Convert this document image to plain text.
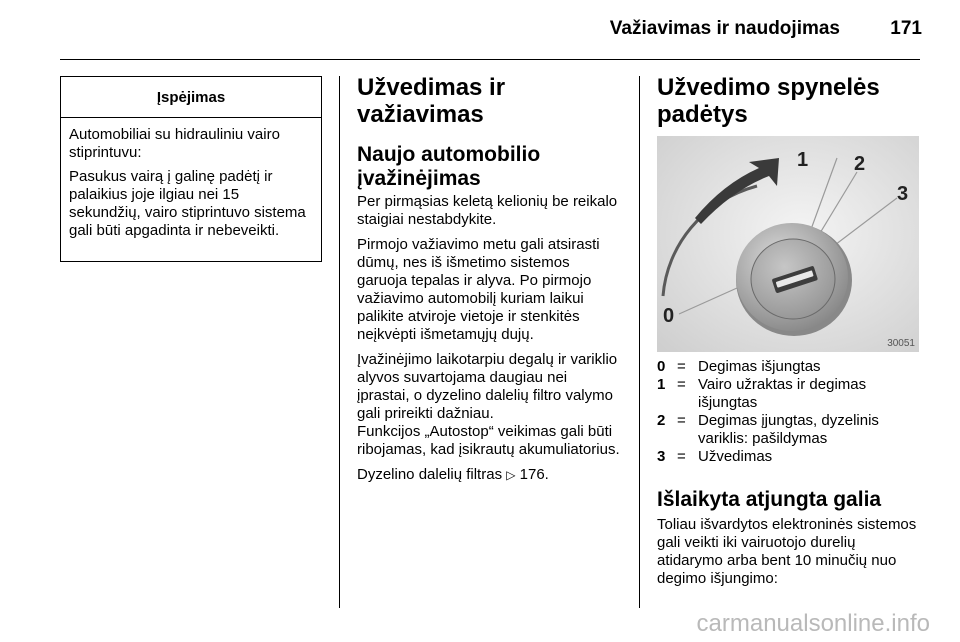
Važiavimas ir naudojimas	171
Įspėjimas

Automobiliai su hidrauliniu vairo stiprintuvu:

Pasukus vairą į galinę padėtį ir palaikius joje ilgiau nei 15 sekundžių, vairo stiprintuvo sistema gali būti apgadinta ir nebeveikti.

Užvedimas ir važiavimas
Naujo automobilio įvažinėjimas

Per pirmąsias keletą kelionių be reikalo staigiai nestabdykite.

Pirmojo važiavimo metu gali atsirasti dūmų, nes iš išmetimo sistemos garuoja tepalas ir alyva. Po pirmojo važiavimo automobilį kuriam laikui palikite atviroje vietoje ir stenkitės neįkvėpti išmetamųjų dujų.

Įvažinėjimo laikotarpiu degalų ir variklio alyvos suvartojama daugiau nei įprastai, o dyzelino dalelių filtro valymo gali prireikti dažniau.

Funkcijos „Autostop“ veikimas gali būti ribojamas, kad įsikrautų akumuliatorius.

Dyzelino dalelių filtras ▷ 176.

Užvedimo spynelės padėtys
0
1 2
3
30051
0 = Degimas išjungtas
1 = Vairo užraktas ir degimas išjungtas
2 = Degimas įjungtas, dyzelinis variklis: pašildymas
3 = Užvedimas
Išlaikyta atjungta galia

Toliau išvardytos elektroninės sistemos gali veikti iki vairuotojo durelių atidarymo arba bent 10 minučių nuo degimo išjungimo:

carmanualsonline.info
